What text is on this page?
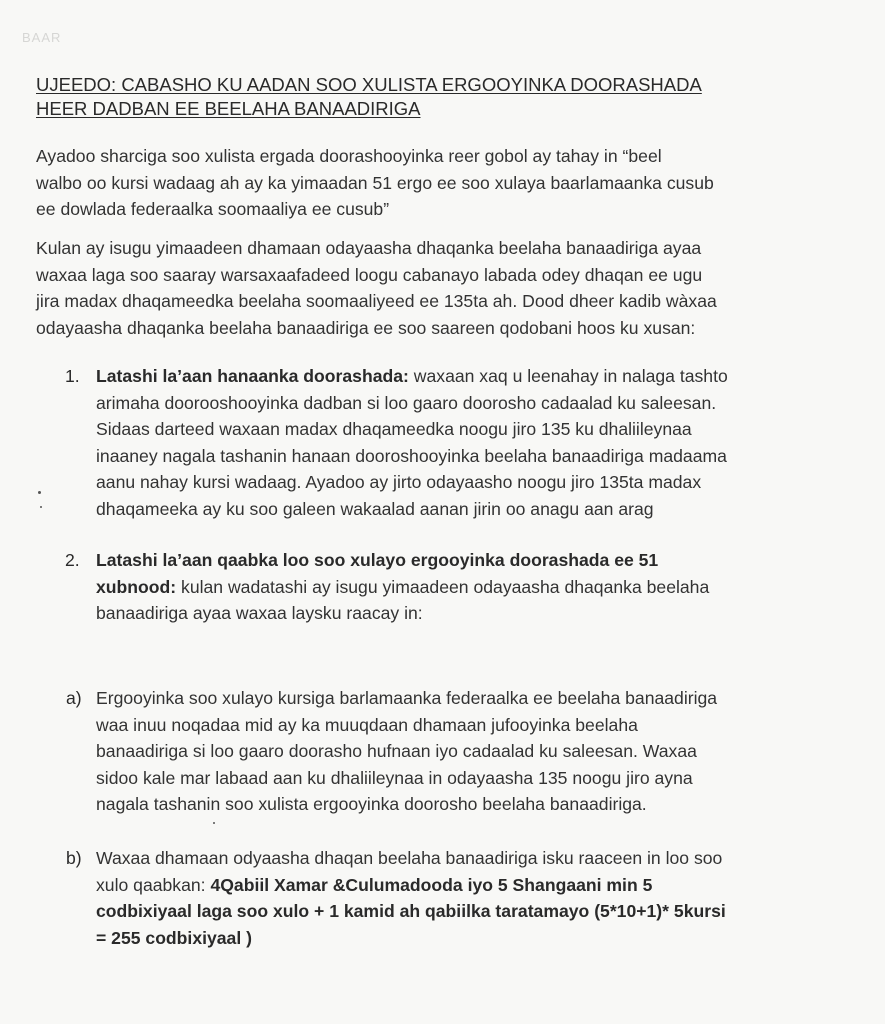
BAAR
UJEEDO: CABASHO KU AADAN SOO XULISTA ERGOOYINKA DOORASHADA
HEER DADBAN EE BEELAHA BANAADIRIGA
Ayadoo sharciga soo xulista ergada doorashooyinka reer gobol ay tahay in “beel
walbo oo kursi wadaag ah ay ka yimaadan 51 ergo ee soo xulaya baarlamaanka cusub
ee dowlada federaalka soomaaliya ee cusub”
Kulan ay isugu yimaadeen dhamaan odayaasha dhaqanka beelaha banaadiriga ayaa
waxaa laga soo saaray warsaxaafadeed loogu cabanayo labada odey dhaqan ee ugu
jira madax dhaqameedka beelaha soomaaliyeed ee 135ta ah. Dood dheer kadib wàxaa
odayaasha dhaqanka beelaha banaadiriga ee soo saareen qodobani hoos ku xusan:
1. Latashi la’aan hanaanka doorashada: waxaan xaq u leenahay in nalaga tashto
arimaha doorooshooyinka dadban si loo gaaro doorosho cadaalad ku saleesan.
Sidaas darteed waxaan madax dhaqameedka noogu jiro 135 ku dhaliileynaa
inaaney nagala tashanin hanaan dooroshooyinka beelaha banaadiriga madaama
aanu nahay kursi wadaag. Ayadoo ay jirto odayaasho noogu jiro 135ta madax
dhaqameeka ay ku soo galeen wakaalad aanan jirin oo anagu aan arag
2. Latashi la’aan qaabka loo soo xulayo ergooyinka doorashada ee 51
xubnood: kulan wadatashi ay isugu yimaadeen odayaasha dhaqanka beelaha
banaadiriga ayaa waxaa laysku raacay in:
a) Ergooyinka soo xulayo kursiga barlamaanka federaalka ee beelaha banaadiriga
waa inuu noqadaa mid ay ka muuqdaan dhamaan jufooyinka beelaha
banaadiriga si loo gaaro doorasho hufnaan iyo cadaalad ku saleesan. Waxaa
sidoo kale mar labaad aan ku dhaliileynaa in odayaasha 135 noogu jiro ayna
nagala tashanin soo xulista ergooyinka doorosho beelaha banaadiriga.
b) Waxaa dhamaan odyaasha dhaqan beelaha banaadiriga isku raaceen in loo soo
xulo qaabkan: 4Qabiil Xamar &Culumadooda iyo 5 Shangaani min 5
codbixiyaal laga soo xulo + 1 kamid ah qabiilka taratamayo (5*10+1)* 5kursi
= 255 codbixiyaal )
